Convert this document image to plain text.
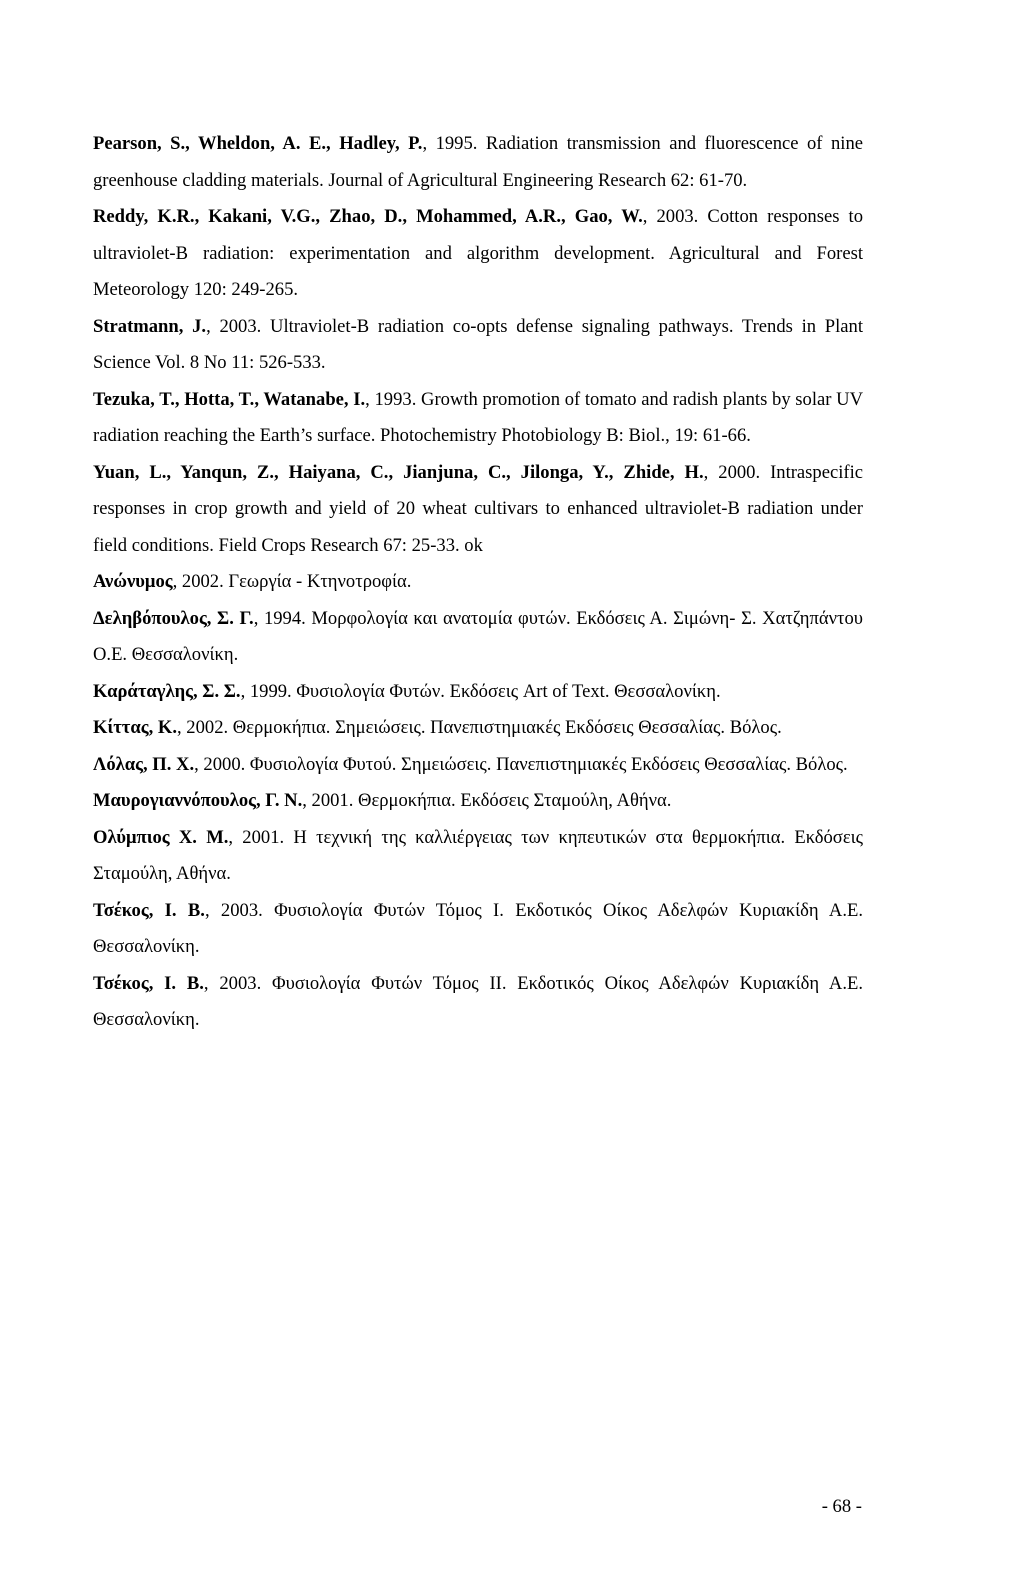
Pearson, S., Wheldon, A. E., Hadley, P., 1995. Radiation transmission and fluorescence of nine greenhouse cladding materials. Journal of Agricultural Engineering Research 62: 61-70.

Reddy, K.R., Kakani, V.G., Zhao, D., Mohammed, A.R., Gao, W., 2003. Cotton responses to ultraviolet-B radiation: experimentation and algorithm development. Agricultural and Forest Meteorology 120: 249-265.

Stratmann, J., 2003. Ultraviolet-B radiation co-opts defense signaling pathways. Trends in Plant Science Vol. 8 No 11: 526-533.

Tezuka, T., Hotta, T., Watanabe, I., 1993. Growth promotion of tomato and radish plants by solar UV radiation reaching the Earth’s surface. Photochemistry Photobiology B: Biol., 19: 61-66.

Yuan, L., Yanqun, Z., Haiyana, C., Jianjuna, C., Jilonga, Y., Zhide, H., 2000. Intraspecific responses in crop growth and yield of 20 wheat cultivars to enhanced ultraviolet-B radiation under field conditions. Field Crops Research 67: 25-33. ok

Ανώνυμος, 2002. Γεωργία - Κτηνοτροφία.

Δεληβόπουλος, Σ. Γ., 1994. Μορφολογία και ανατομία φυτών. Εκδόσεις Α. Σιμώνη- Σ. Χατζηπάντου Ο.Ε. Θεσσαλονίκη.

Καράταγλης, Σ. Σ., 1999. Φυσιολογία Φυτών. Εκδόσεις Art of Text. Θεσσαλονίκη.

Κίττας, Κ., 2002. Θερμοκήπια. Σημειώσεις. Πανεπιστημιακές Εκδόσεις Θεσσαλίας. Βόλος.

Λόλας, Π. Χ., 2000. Φυσιολογία Φυτού. Σημειώσεις. Πανεπιστημιακές Εκδόσεις Θεσσαλίας. Βόλος.

Μαυρογιαννόπουλος, Γ. Ν., 2001. Θερμοκήπια. Εκδόσεις Σταμούλη, Αθήνα.

Ολύμπιος Χ. Μ., 2001. Η τεχνική της καλλιέργειας των κηπευτικών στα θερμοκήπια. Εκδόσεις Σταμούλη, Αθήνα.

Τσέκος, Ι. Β., 2003. Φυσιολογία Φυτών Τόμος Ι. Εκδοτικός Οίκος Αδελφών Κυριακίδη Α.Ε. Θεσσαλονίκη.

Τσέκος, Ι. Β., 2003. Φυσιολογία Φυτών Τόμος ΙΙ. Εκδοτικός Οίκος Αδελφών Κυριακίδη Α.Ε. Θεσσαλονίκη.

- 68 -
